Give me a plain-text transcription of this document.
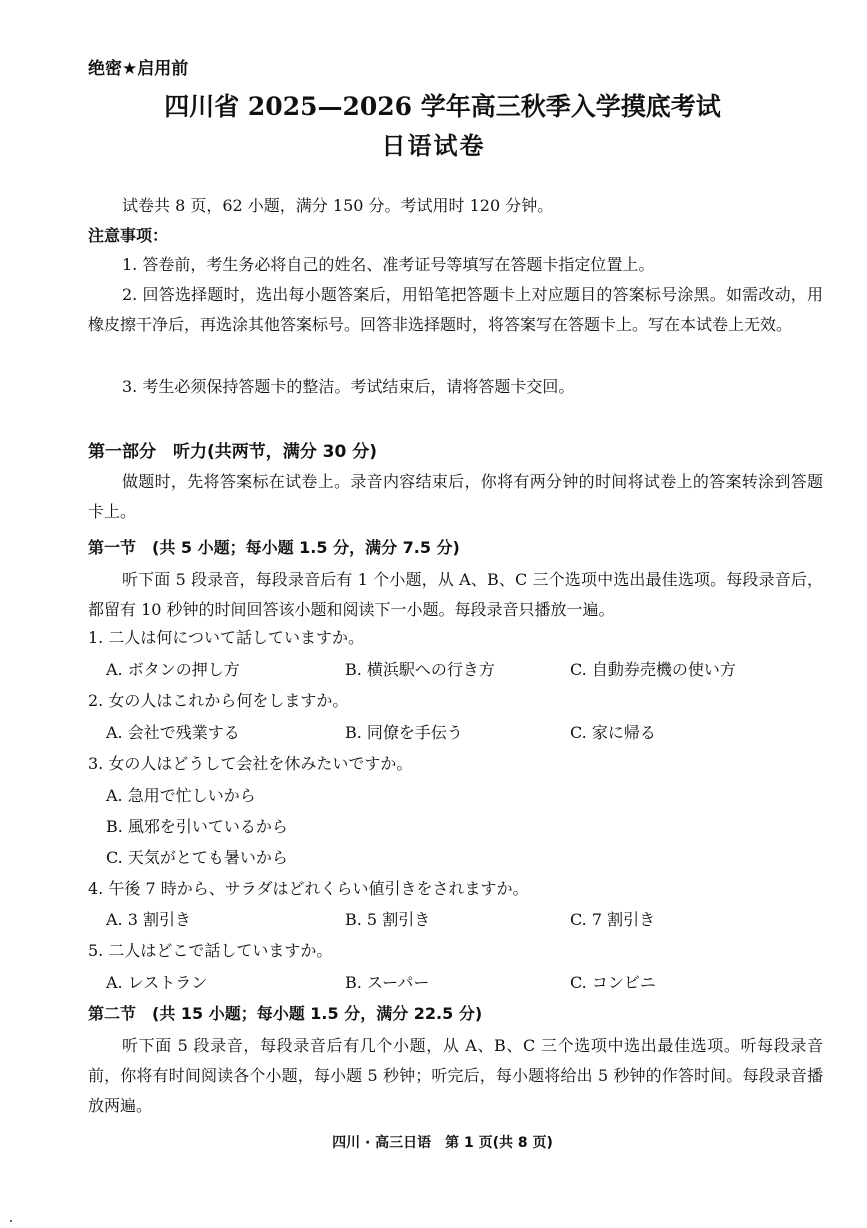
绝密★启用前
四川省 2025—2026 学年高三秋季入学摸底考试
日语试卷
试卷共 8 页，62 小题，满分 150 分。考试用时 120 分钟。
注意事项：

1. 答卷前，考生务必将自己的姓名、准考证号等填写在答题卡指定位置上。

2. 回答选择题时，选出每小题答案后，用铅笔把答题卡上对应题目的答案标号涂黑。如需改动，用橡皮擦干净后，再选涂其他答案标号。回答非选择题时，将答案写在答题卡上。写在本试卷上无效。

3. 考生必须保持答题卡的整洁。考试结束后，请将答题卡交回。

第一部分　听力(共两节，满分 30 分)

做题时，先将答案标在试卷上。录音内容结束后，你将有两分钟的时间将试卷上的答案转涂到答题卡上。

第一节　(共 5 小题；每小题 1.5 分，满分 7.5 分)

听下面 5 段录音，每段录音后有 1 个小题，从 A、B、C 三个选项中选出最佳选项。每段录音后，都留有 10 秒钟的时间回答该小题和阅读下一小题。每段录音只播放一遍。

1. 二人は何について話していますか。
A. ボタンの押し方	B. 横浜駅への行き方	C. 自動券売機の使い方
2. 女の人はこれから何をしますか。
A. 会社で残業する	B. 同僚を手伝う	C. 家に帰る
3. 女の人はどうして会社を休みたいですか。
A. 急用で忙しいから
B. 風邪を引いているから
C. 天気がとても暑いから
4. 午後 7 時から、サラダはどれくらい値引きをされますか。
A. 3 割引き	B. 5 割引き	C. 7 割引き
5. 二人はどこで話していますか。
A. レストラン	B. スーパー	C. コンビニ
第二节　(共 15 小题；每小题 1.5 分，满分 22.5 分)

听下面 5 段录音，每段录音后有几个小题，从 A、B、C 三个选项中选出最佳选项。听每段录音前，你将有时间阅读各个小题，每小题 5 秒钟；听完后，每小题将给出 5 秒钟的作答时间。每段录音播放两遍。

四川 · 高三日语　第 1 页(共 8 页)
